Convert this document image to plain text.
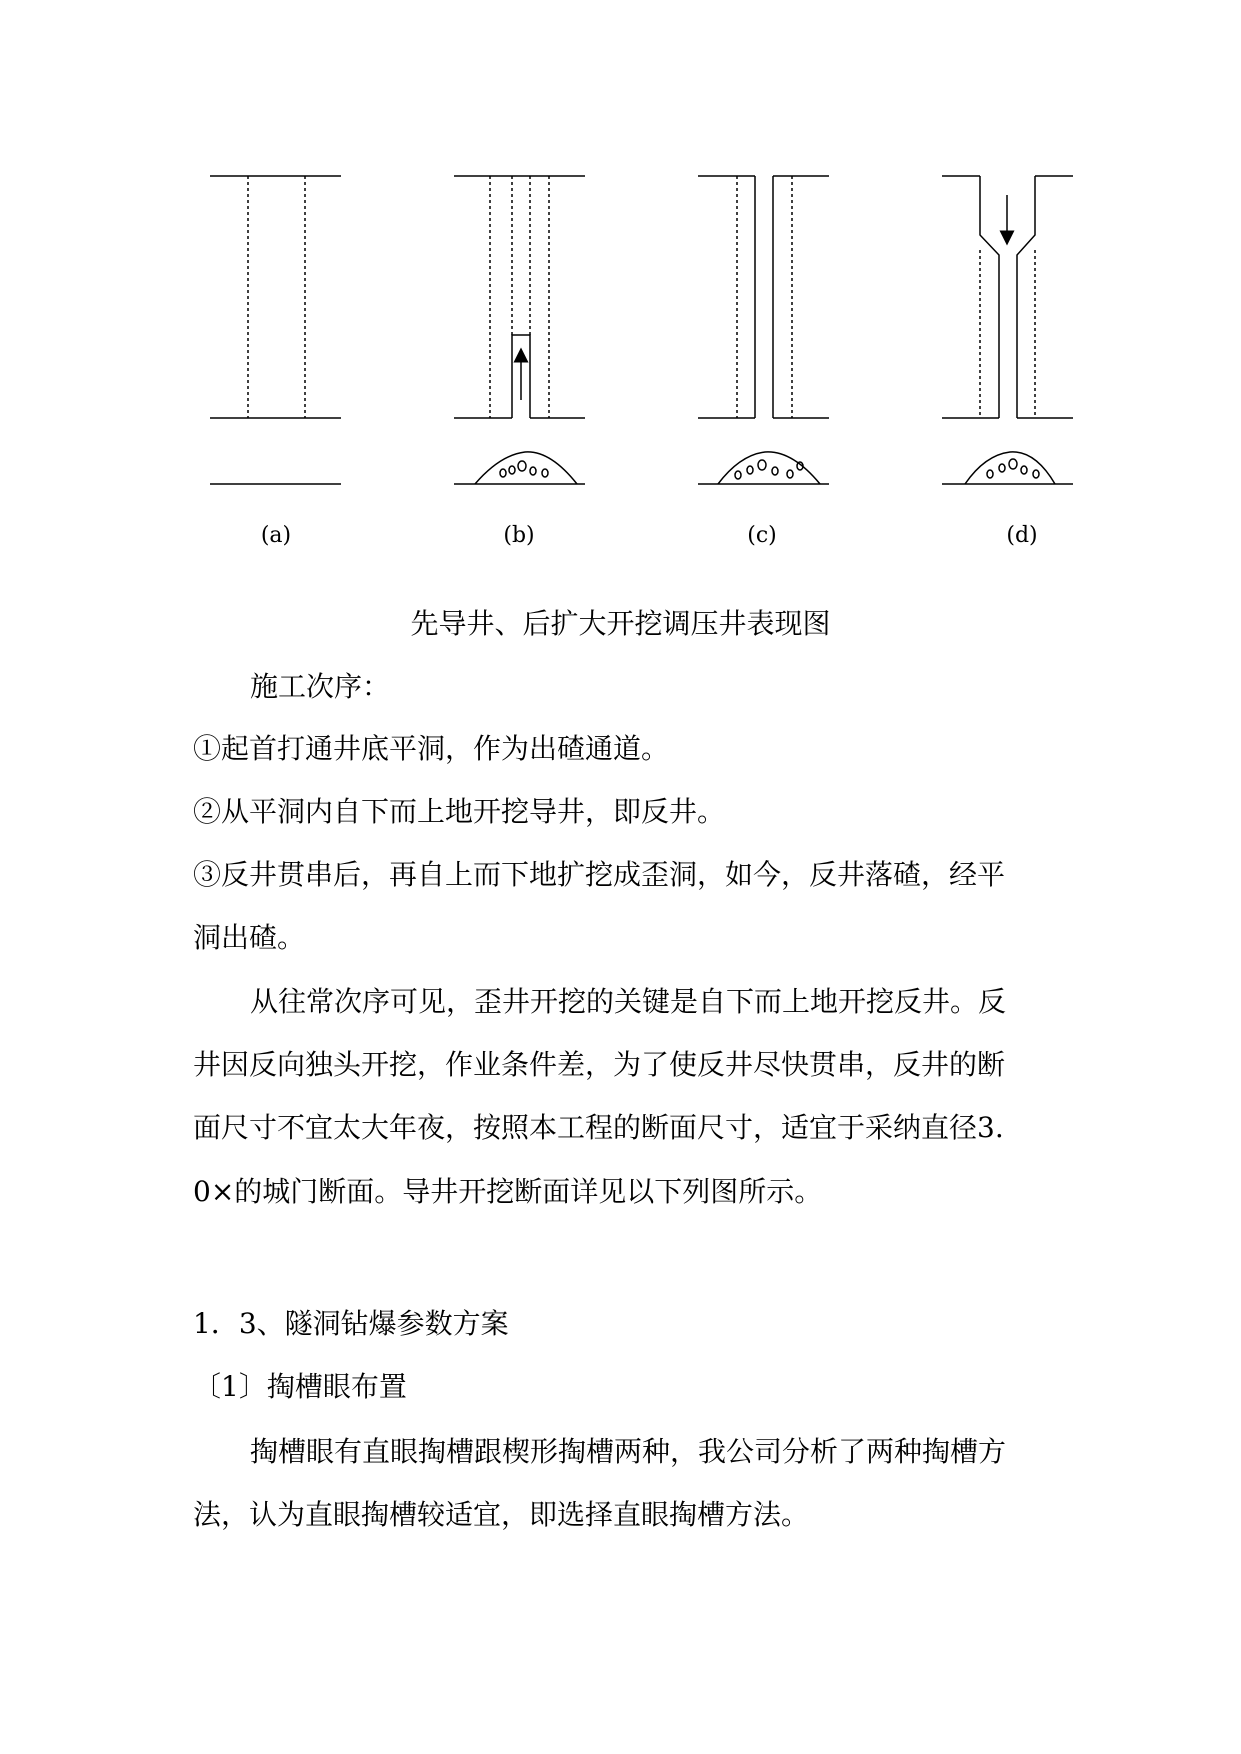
(a)	(b)	(c)	(d)
先导井、后扩大开挖调压井表现图
施工次序：
①起首打通井底平洞，作为出碴通道。
②从平洞内自下而上地开挖导井，即反井。
③反井贯串后，再自上而下地扩挖成歪洞，如今，反井落碴，经平
洞出碴。
从往常次序可见，歪井开挖的关键是自下而上地开挖反井。反
井因反向独头开挖，作业条件差，为了使反井尽快贯串，反井的断
面尺寸不宜太大年夜，按照本工程的断面尺寸，适宜于采纳直径3.
0×的城门断面。导井开挖断面详见以下列图所示。
1．3、隧洞钻爆参数方案
〔1〕掏槽眼布置
掏槽眼有直眼掏槽跟楔形掏槽两种，我公司分析了两种掏槽方
法，认为直眼掏槽较适宜，即选择直眼掏槽方法。
